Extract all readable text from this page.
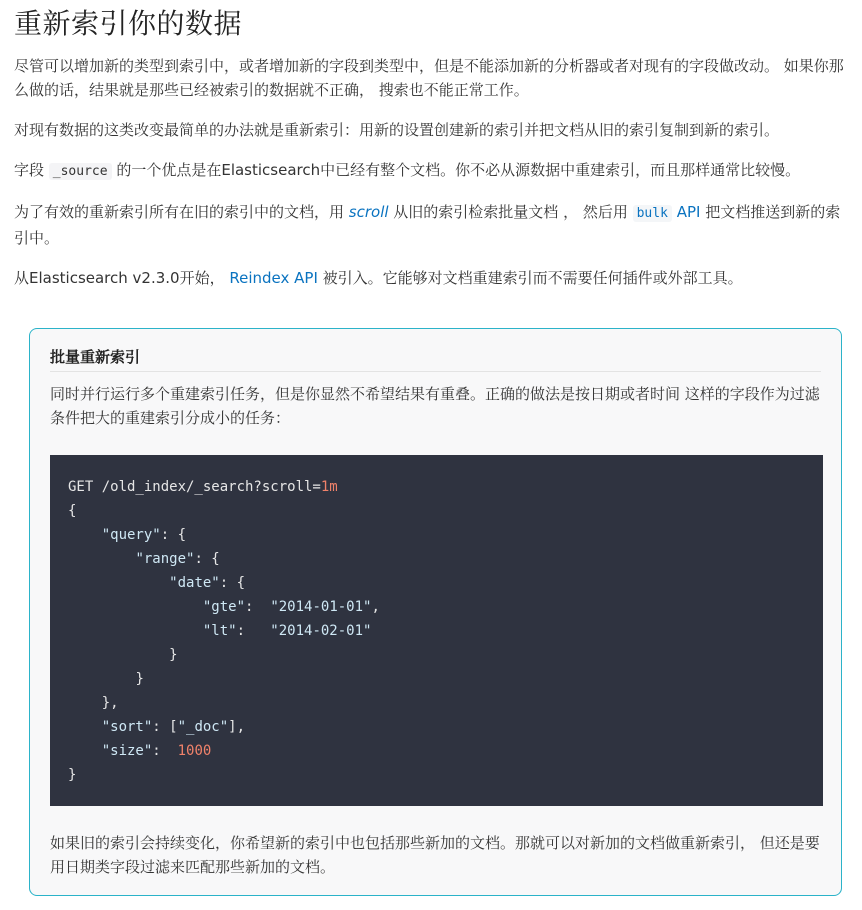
重新索引你的数据

尽管可以增加新的类型到索引中，或者增加新的字段到类型中，但是不能添加新的分析器或者对现有的字段做改动。 如果你那么做的话，结果就是那些已经被索引的数据就不正确， 搜索也不能正常工作。

对现有数据的这类改变最简单的办法就是重新索引：用新的设置创建新的索引并把文档从旧的索引复制到新的索引。

字段 _source 的一个优点是在Elasticsearch中已经有整个文档。你不必从源数据中重建索引，而且那样通常比较慢。

为了有效的重新索引所有在旧的索引中的文档，用 scroll 从旧的索引检索批量文档 ， 然后用 bulk API 把文档推送到新的索引中。

从Elasticsearch v2.3.0开始， Reindex API 被引入。它能够对文档重建索引而不需要任何插件或外部工具。

批量重新索引

同时并行运行多个重建索引任务，但是你显然不希望结果有重叠。正确的做法是按日期或者时间 这样的字段作为过滤条件把大的重建索引分成小的任务：

GET /old_index/_search?scroll=1m
{
"query": {
"range": {
"date": {
"gte":  "2014-01-01",
"lt":   "2014-02-01"
}
}
},
"sort": ["_doc"],
"size":  1000
}

如果旧的索引会持续变化，你希望新的索引中也包括那些新加的文档。那就可以对新加的文档做重新索引， 但还是要用日期类字段过滤来匹配那些新加的文档。
